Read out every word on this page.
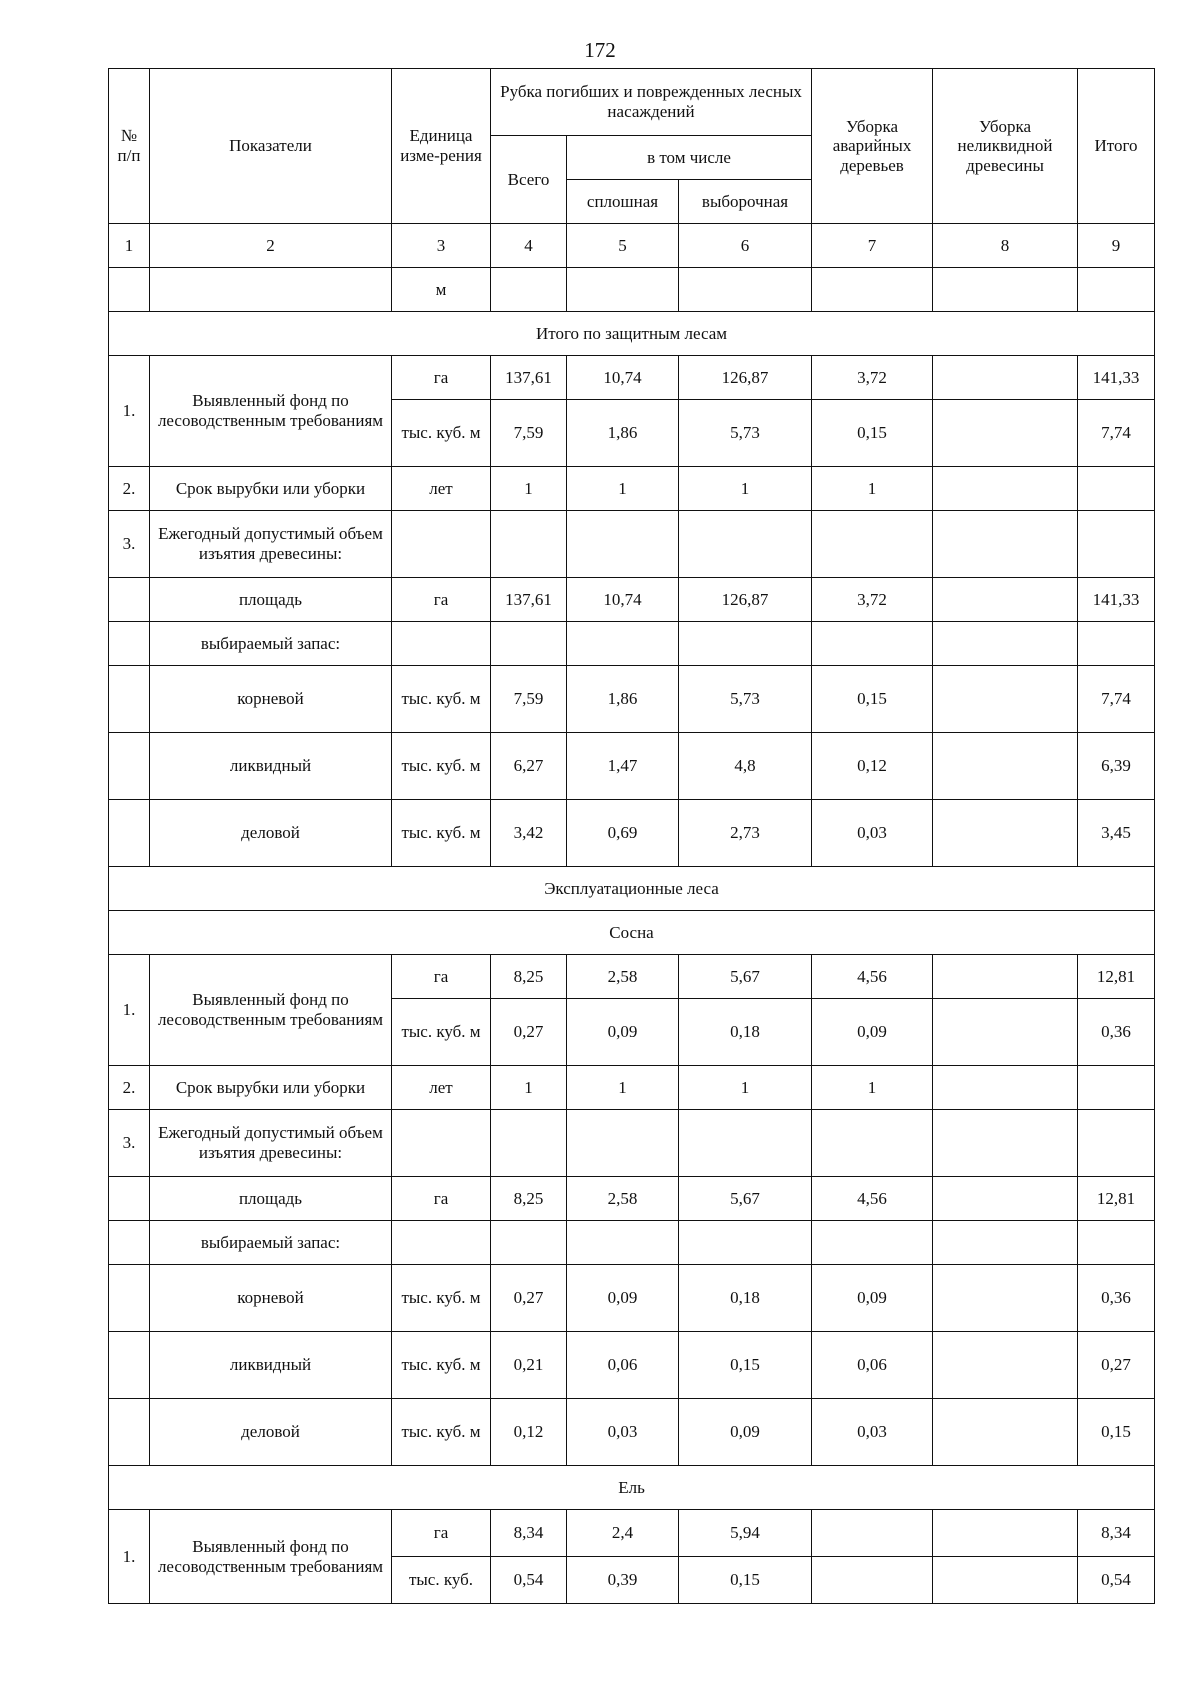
172
№ п/п	Показатели	Единица изме-рения	Рубка погибших и поврежденных лесных насаждений			Уборка аварийных деревьев	Уборка неликвидной древесины	Итого
			Всего	в том числе				
				сплошная	выборочная			
1	2	3	4	5	6	7	8	9
		м						
Итого по защитным лесам								
1.	Выявленный фонд по лесоводственным требованиям	га	137,61	10,74	126,87	3,72		141,33
		тыс. куб. м	7,59	1,86	5,73	0,15		7,74
2.	Срок вырубки или уборки	лет	1	1	1	1		
3.	Ежегодный допустимый объем изъятия древесины:							
	площадь	га	137,61	10,74	126,87	3,72		141,33
	выбираемый запас:							
	корневой	тыс. куб. м	7,59	1,86	5,73	0,15		7,74
	ликвидный	тыс. куб. м	6,27	1,47	4,8	0,12		6,39
	деловой	тыс. куб. м	3,42	0,69	2,73	0,03		3,45
Эксплуатационные леса								
Сосна								
1.	Выявленный фонд по лесоводственным требованиям	га	8,25	2,58	5,67	4,56		12,81
		тыс. куб. м	0,27	0,09	0,18	0,09		0,36
2.	Срок вырубки или уборки	лет	1	1	1	1		
3.	Ежегодный допустимый объем изъятия древесины:							
	площадь	га	8,25	2,58	5,67	4,56		12,81
	выбираемый запас:							
	корневой	тыс. куб. м	0,27	0,09	0,18	0,09		0,36
	ликвидный	тыс. куб. м	0,21	0,06	0,15	0,06		0,27
	деловой	тыс. куб. м	0,12	0,03	0,09	0,03		0,15
Ель								
1.	Выявленный фонд по лесоводственным требованиям	га	8,34	2,4	5,94			8,34
		тыс. куб.	0,54	0,39	0,15			0,54
